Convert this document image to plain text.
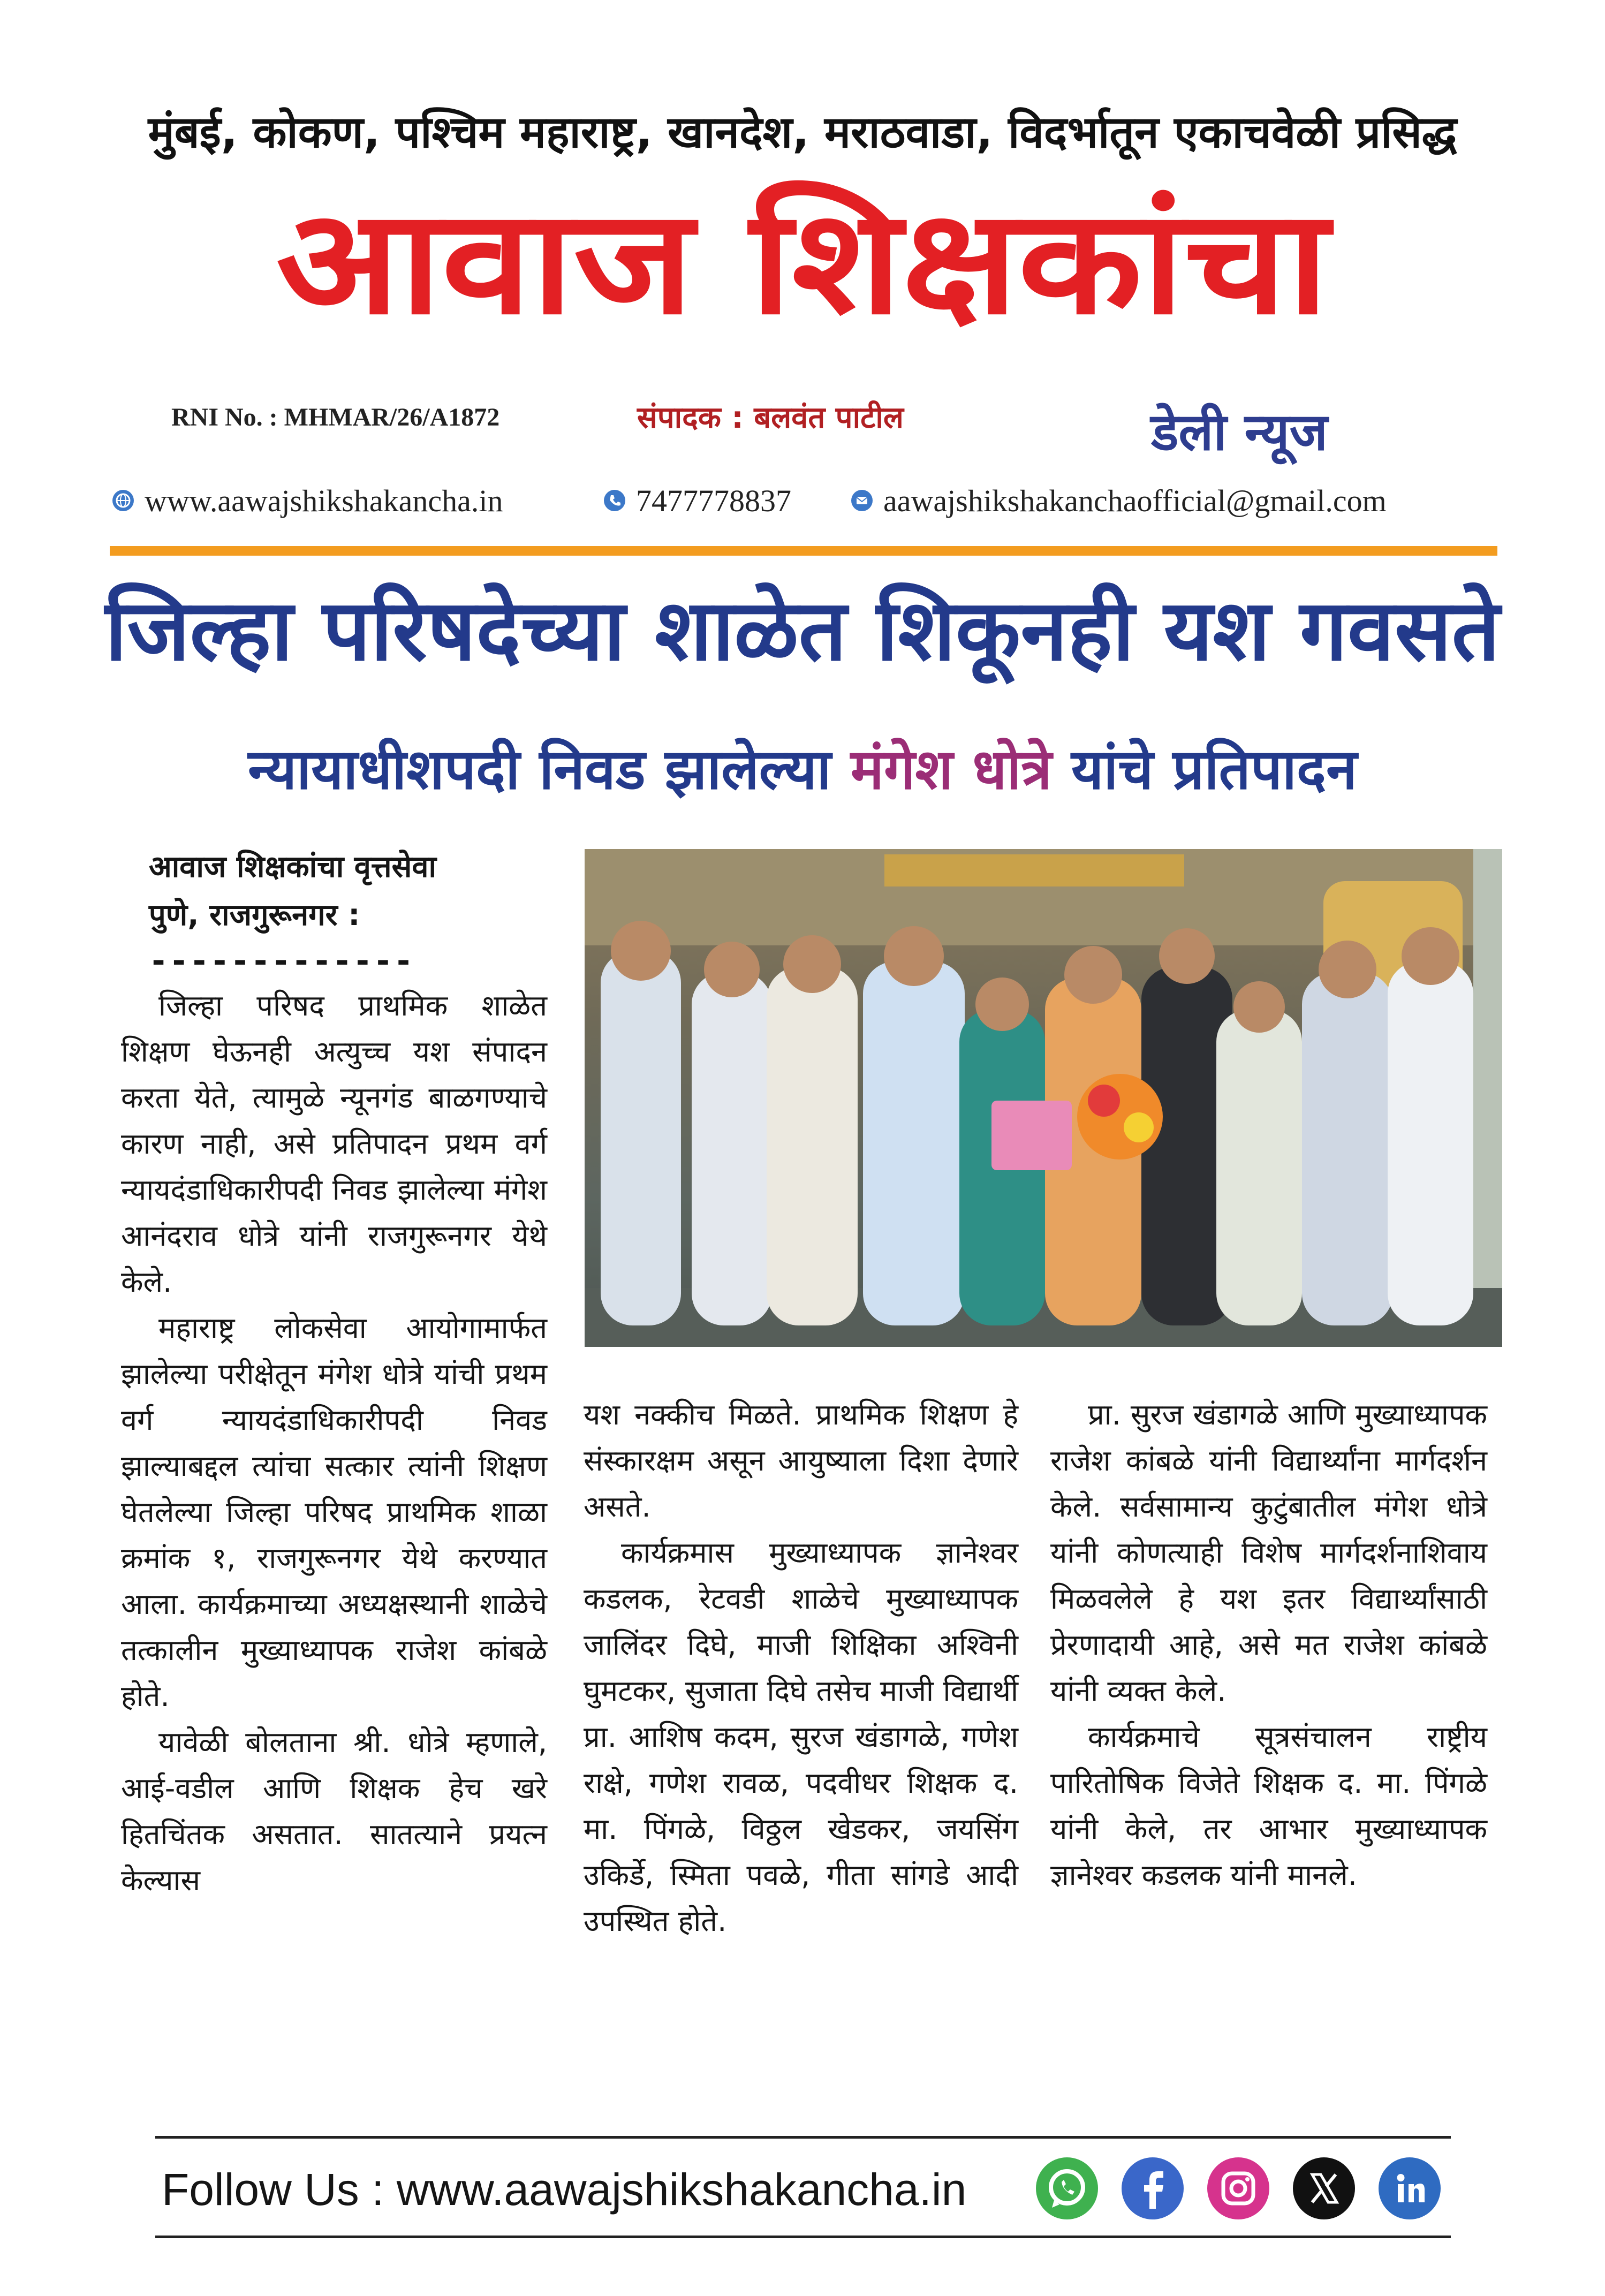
मुंबई, कोकण, पश्चिम महाराष्ट्र, खानदेश, मराठवाडा, विदर्भातून एकाचवेळी प्रसिद्ध
आवाज शिक्षकांचा
RNI No. : MHMAR/26/A1872	संपादक : बलवंत पाटील	डेली न्यूज
www.aawajshikshakancha.in	7477778837	aawajshikshakanchaofficial@gmail.com
जिल्हा परिषदेच्या शाळेत शिकूनही यश गवसते
न्यायाधीशपदी निवड झालेल्या मंगेश धोत्रे यांचे प्रतिपादन
आवाज शिक्षकांचा वृत्तसेवा
पुणे, राजगुरूनगर :
-------------

जिल्हा परिषद प्राथमिक शाळेत शिक्षण घेऊनही अत्युच्च यश संपादन करता येते, त्यामुळे न्यूनगंड बाळगण्याचे कारण नाही, असे प्रतिपादन प्रथम वर्ग न्यायदंडाधिकारीपदी निवड झालेल्या मंगेश आनंदराव धोत्रे यांनी राजगुरूनगर येथे केले.

महाराष्ट्र लोकसेवा आयोगामार्फत झालेल्या परीक्षेतून मंगेश धोत्रे यांची प्रथम वर्ग न्यायदंडाधिकारीपदी निवड झाल्याबद्दल त्यांचा सत्कार त्यांनी शिक्षण घेतलेल्या जिल्हा परिषद प्राथमिक शाळा क्रमांक १, राजगुरूनगर येथे करण्यात आला. कार्यक्रमाच्या अध्यक्षस्थानी शाळेचे तत्कालीन मुख्याध्यापक राजेश कांबळे होते.

यावेळी बोलताना श्री. धोत्रे म्हणाले, आई-वडील आणि शिक्षक हेच खरे हितचिंतक असतात. सातत्याने प्रयत्न केल्यास

यश नक्कीच मिळते. प्राथमिक शिक्षण हे संस्कारक्षम असून आयुष्याला दिशा देणारे असते.

कार्यक्रमास मुख्याध्यापक ज्ञानेश्वर कडलक, रेटवडी शाळेचे मुख्याध्यापक जालिंदर दिघे, माजी शिक्षिका अश्विनी घुमटकर, सुजाता दिघे तसेच माजी विद्यार्थी प्रा. आशिष कदम, सुरज खंडागळे, गणेश राक्षे, गणेश रावळ, पदवीधर शिक्षक द. मा. पिंगळे, विठ्ठल खेडकर, जयसिंग उकिर्डे, स्मिता पवळे, गीता सांगडे आदी उपस्थित होते.

प्रा. सुरज खंडागळे आणि मुख्याध्यापक राजेश कांबळे यांनी विद्यार्थ्यांना मार्गदर्शन केले. सर्वसामान्य कुटुंबातील मंगेश धोत्रे यांनी कोणत्याही विशेष मार्गदर्शनाशिवाय मिळवलेले हे यश इतर विद्यार्थ्यांसाठी प्रेरणादायी आहे, असे मत राजेश कांबळे यांनी व्यक्त केले.

कार्यक्रमाचे सूत्रसंचालन राष्ट्रीय पारितोषिक विजेते शिक्षक द. मा. पिंगळे यांनी केले, तर आभार मुख्याध्यापक ज्ञानेश्वर कडलक यांनी मानले.

Follow Us : www.aawajshikshakancha.in
